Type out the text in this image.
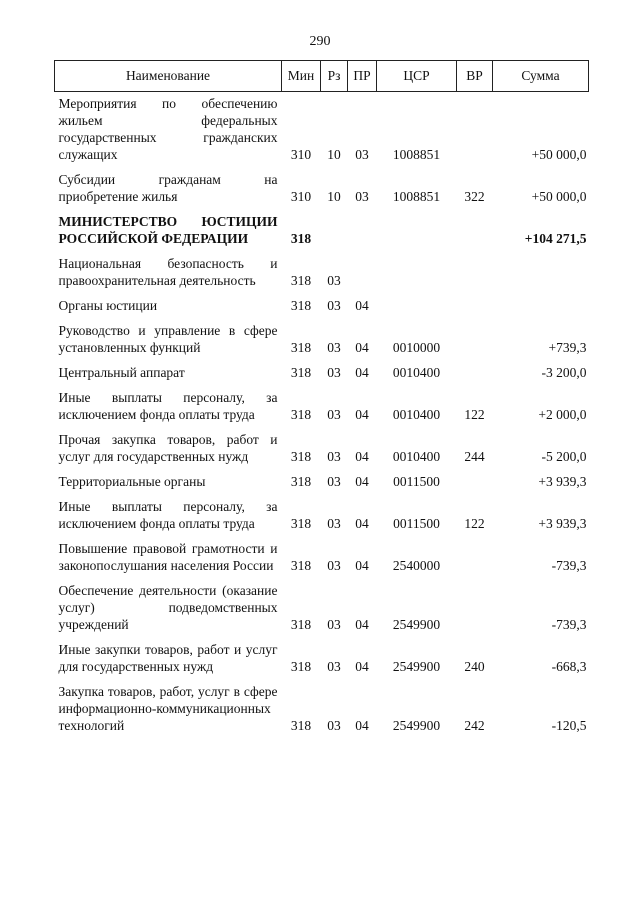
290
Наименование	Мин	Рз	ПР	ЦСР	ВР	Сумма
Мероприятия по обеспечению жильем федеральных государственных гражданских служащих	310	10	03	1008851		+50 000,0
Субсидии гражданам на приобретение жилья	310	10	03	1008851	322	+50 000,0
МИНИСТЕРСТВО ЮСТИЦИИ РОССИЙСКОЙ ФЕДЕРАЦИИ	318					+104 271,5
Национальная безопасность и правоохранительная деятельность	318	03				
Органы юстиции	318	03	04			
Руководство и управление в сфере установленных функций	318	03	04	0010000		+739,3
Центральный аппарат	318	03	04	0010400		-3 200,0
Иные выплаты персоналу, за исключением фонда оплаты труда	318	03	04	0010400	122	+2 000,0
Прочая закупка товаров, работ и услуг для государственных нужд	318	03	04	0010400	244	-5 200,0
Территориальные органы	318	03	04	0011500		+3 939,3
Иные выплаты персоналу, за исключением фонда оплаты труда	318	03	04	0011500	122	+3 939,3
Повышение правовой грамотности и законопослушания населения России	318	03	04	2540000		-739,3
Обеспечение деятельности (оказание услуг) подведомственных учреждений	318	03	04	2549900		-739,3
Иные закупки товаров, работ и услуг для государственных нужд	318	03	04	2549900	240	-668,3
Закупка товаров, работ, услуг в сфере информационно-коммуникационных технологий	318	03	04	2549900	242	-120,5
